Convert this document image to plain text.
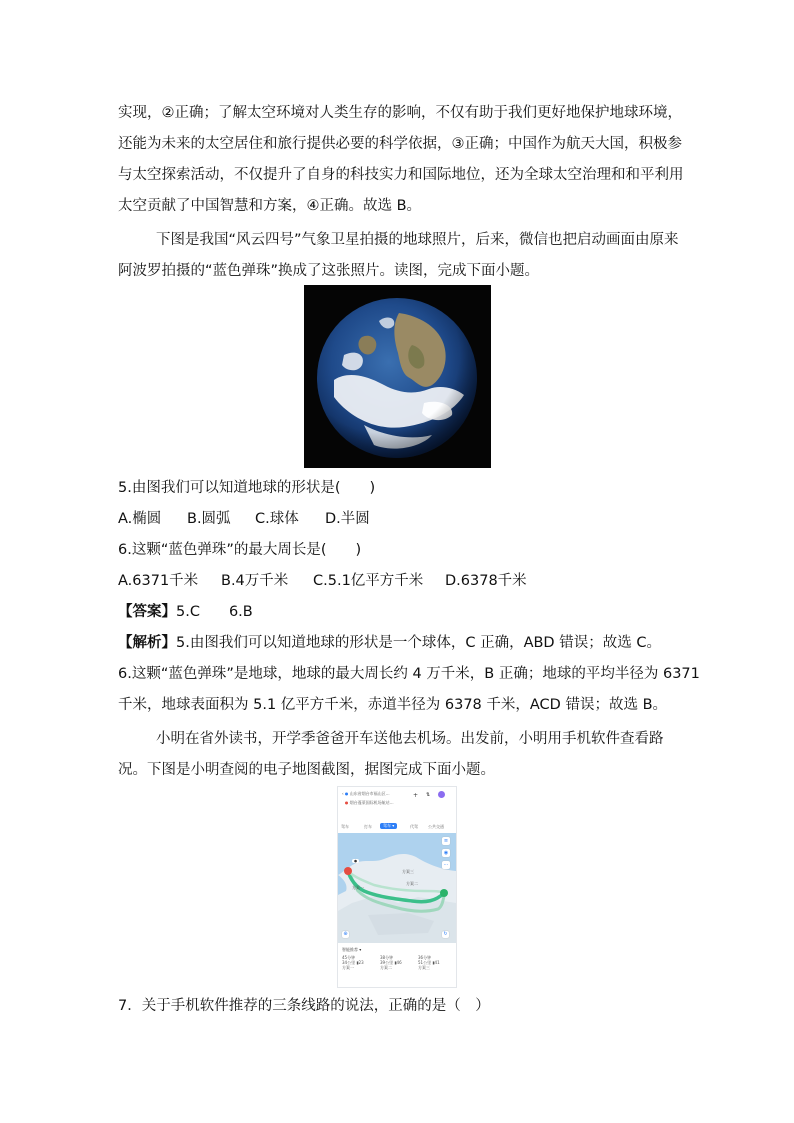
实现，②正确；了解太空环境对人类生存的影响，不仅有助于我们更好地保护地球环境，
还能为未来的太空居住和旅行提供必要的科学依据，③正确；中国作为航天大国，积极参
与太空探索活动，不仅提升了自身的科技实力和国际地位，还为全球太空治理和和平利用
太空贡献了中国智慧和方案，④正确。故选 B。
下图是我国“风云四号”气象卫星拍摄的地球照片，后来，微信也把启动画面由原来
阿波罗拍摄的“蓝色弹珠”换成了这张照片。读图，完成下面小题。
5.由图我们可以知道地球的形状是(　　)
A.椭圆 B.圆弧 C.球体 D.半圆
6.这颗“蓝色弹珠”的最大周长是(　　)
A.6371千米 B.4万千米 C.5.1亿平方千米 D.6378千米
【答案】5.C　　6.B
【解析】5.由图我们可以知道地球的形状是一个球体，C 正确，ABD 错误；故选 C。
6.这颗“蓝色弹珠”是地球，地球的最大周长约 4 万千米，B 正确；地球的平均半径为 6371
千米，地球表面积为 5.1 亿平方千米，赤道半径为 6378 千米，ACD 错误；故选 B。
小明在省外读书，开学季爸爸开车送他去机场。出发前，小明用手机软件查看路
况。下图是小明查阅的电子地图截图，据图完成下面小题。
‹ ● 山东省烟台市福山区…
● 烟台蓬莱国际机场航站…
+ ⇅
驾车	打车	驾车 ▾	代驾	公共交通
●
方案一
方案二
方案三
≡
◉
⋯
⊕	↻
智能推荐 ▾
45分钟
34公里 ▮23
方案一
38分钟
39公里 ▮46
方案二
36分钟
51公里 ▮41
方案三
7．关于手机软件推荐的三条线路的说法，正确的是（　）
